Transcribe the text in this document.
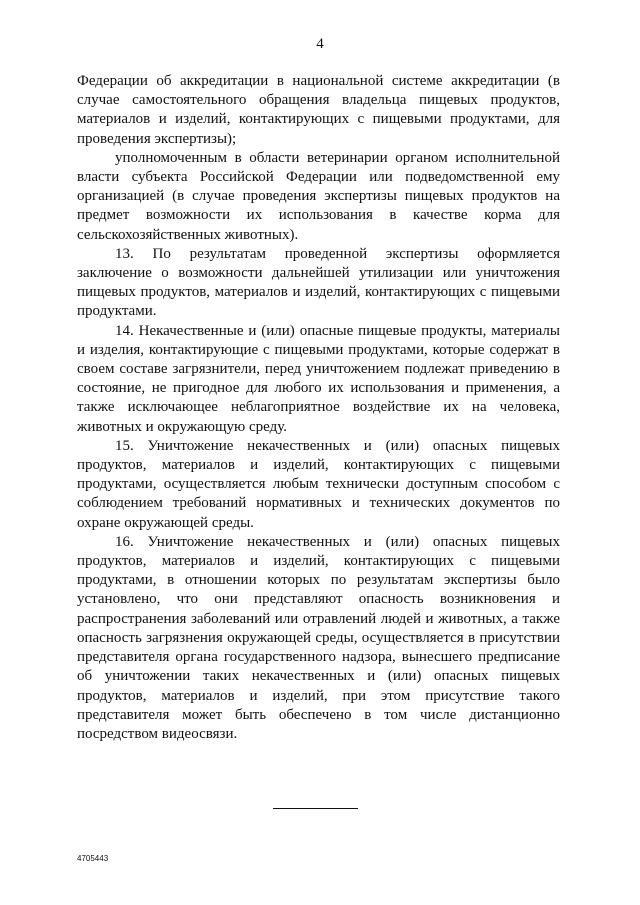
4

Федерации об аккредитации в национальной системе аккредитации (в случае самостоятельного обращения владельца пищевых продуктов, материалов и изделий, контактирующих с пищевыми продуктами, для проведения экспертизы);

уполномоченным в области ветеринарии органом исполнительной власти субъекта Российской Федерации или подведомственной ему организацией (в случае проведения экспертизы пищевых продуктов на предмет возможности их использования в качестве корма для сельскохозяйственных животных).

13. По результатам проведенной экспертизы оформляется заключение о возможности дальнейшей утилизации или уничтожения пищевых продуктов, материалов и изделий, контактирующих с пищевыми продуктами.

14. Некачественные и (или) опасные пищевые продукты, материалы и изделия, контактирующие с пищевыми продуктами, которые содержат в своем составе загрязнители, перед уничтожением подлежат приведению в состояние, не пригодное для любого их использования и применения, а также исключающее неблагоприятное воздействие их на человека, животных и окружающую среду.

15. Уничтожение некачественных и (или) опасных пищевых продуктов, материалов и изделий, контактирующих с пищевыми продуктами, осуществляется любым технически доступным способом с соблюдением требований нормативных и технических документов по охране окружающей среды.

16. Уничтожение некачественных и (или) опасных пищевых продуктов, материалов и изделий, контактирующих с пищевыми продуктами, в отношении которых по результатам экспертизы было установлено, что они представляют опасность возникновения и распространения заболеваний или отравлений людей и животных, а также опасность загрязнения окружающей среды, осуществляется в присутствии представителя органа государственного надзора, вынесшего предписание об уничтожении таких некачественных и (или) опасных пищевых продуктов, материалов и изделий, при этом присутствие такого представителя может быть обеспечено в том числе дистанционно посредством видеосвязи.

4705443
